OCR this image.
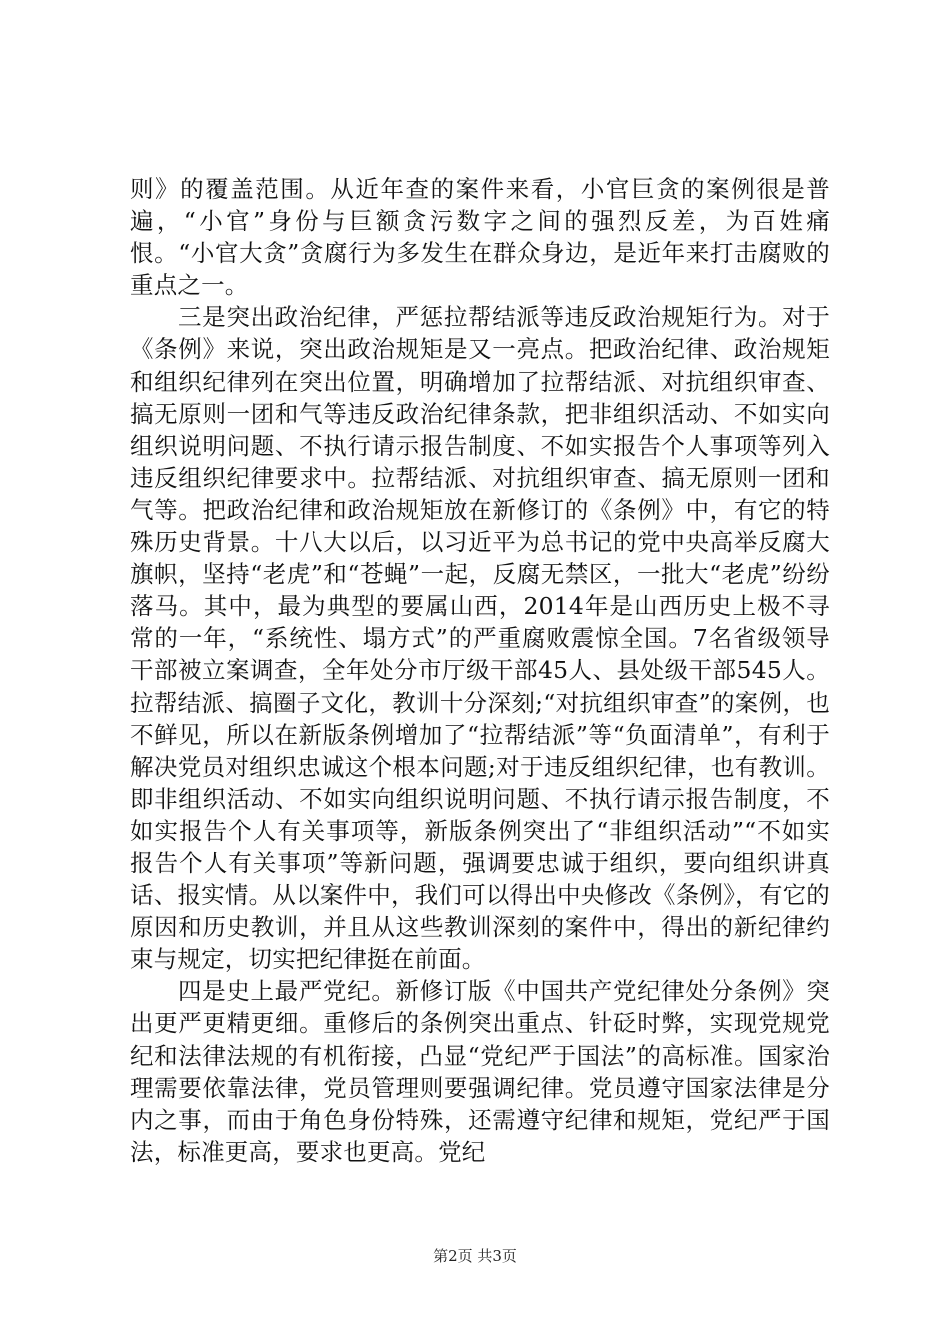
则》的覆盖范围。从近年查的案件来看，小官巨贪的案例很是普遍，“小官”身份与巨额贪污数字之间的强烈反差，为百姓痛恨。“小官大贪”贪腐行为多发生在群众身边，是近年来打击腐败的重点之一。

三是突出政治纪律，严惩拉帮结派等违反政治规矩行为。对于《条例》来说，突出政治规矩是又一亮点。把政治纪律、政治规矩和组织纪律列在突出位置，明确增加了拉帮结派、对抗组织审查、搞无原则一团和气等违反政治纪律条款，把非组织活动、不如实向组织说明问题、不执行请示报告制度、不如实报告个人事项等列入违反组织纪律要求中。拉帮结派、对抗组织审查、搞无原则一团和气等。把政治纪律和政治规矩放在新修订的《条例》中，有它的特殊历史背景。十八大以后，以习近平为总书记的党中央高举反腐大旗帜，坚持“老虎”和“苍蝇”一起，反腐无禁区，一批大“老虎”纷纷落马。其中，最为典型的要属山西，2014年是山西历史上极不寻常的一年，“系统性、塌方式”的严重腐败震惊全国。7名省级领导干部被立案调查，全年处分市厅级干部45人、县处级干部545人。拉帮结派、搞圈子文化，教训十分深刻;“对抗组织审查”的案例，也不鲜见，所以在新版条例增加了“拉帮结派”等“负面清单”，有利于解决党员对组织忠诚这个根本问题;对于违反组织纪律，也有教训。即非组织活动、不如实向组织说明问题、不执行请示报告制度，不如实报告个人有关事项等，新版条例突出了“非组织活动”“不如实报告个人有关事项”等新问题，强调要忠诚于组织，要向组织讲真话、报实情。从以案件中，我们可以得出中央修改《条例》，有它的原因和历史教训，并且从这些教训深刻的案件中，得出的新纪律约束与规定，切实把纪律挺在前面。

四是史上最严党纪。新修订版《中国共产党纪律处分条例》突出更严更精更细。重修后的条例突出重点、针砭时弊，实现党规党纪和法律法规的有机衔接，凸显“党纪严于国法”的高标准。国家治理需要依靠法律，党员管理则要强调纪律。党员遵守国家法律是分内之事，而由于角色身份特殊，还需遵守纪律和规矩，党纪严于国法，标准更高，要求也更高。党纪

第2页 共3页
